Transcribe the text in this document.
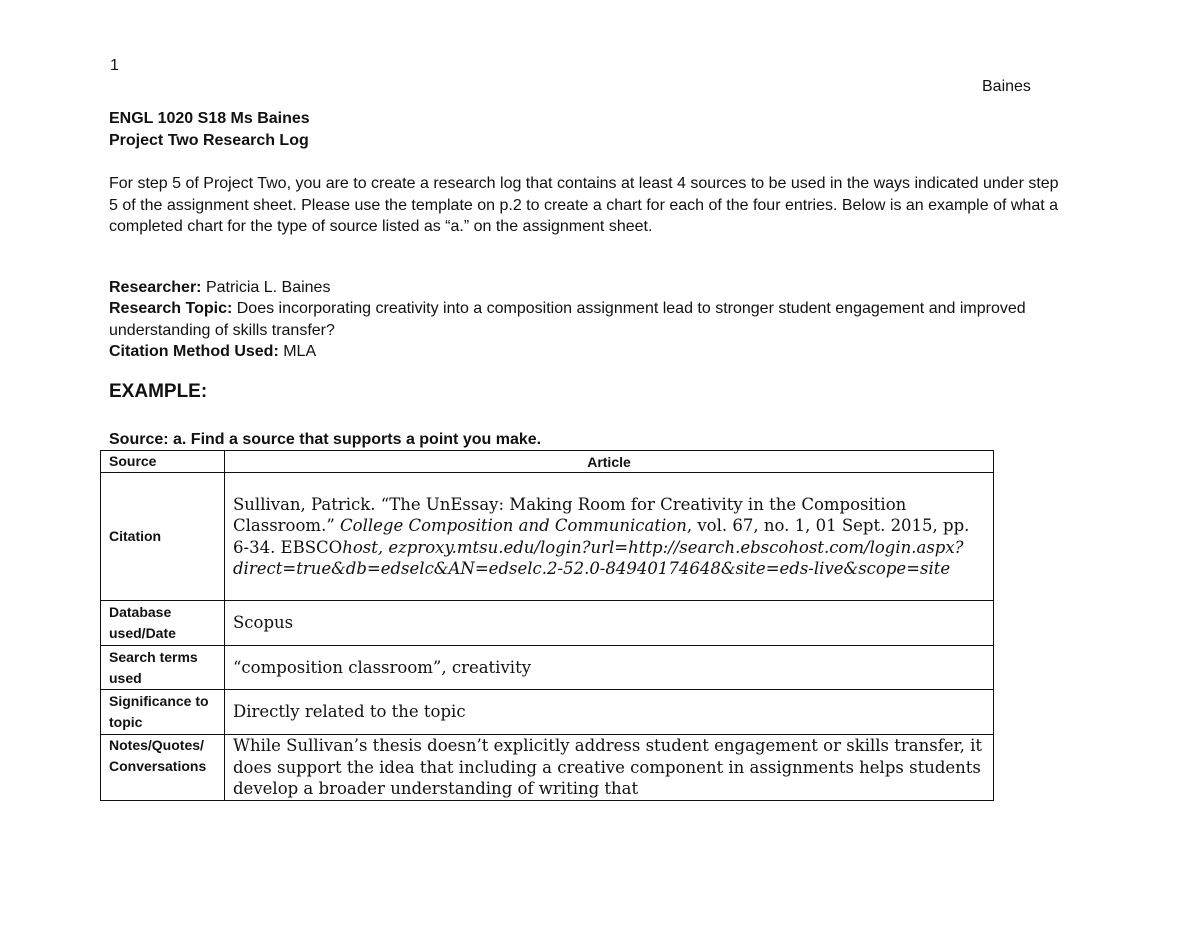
1
Baines
ENGL 1020 S18 Ms Baines
Project Two Research Log
For step 5 of Project Two, you are to create a research log that contains at least 4 sources to be used in the ways indicated under step 5 of the assignment sheet. Please use the template on p.2 to create a chart for each of the four entries. Below is an example of what a completed chart for the type of source listed as “a.” on the assignment sheet.
Researcher: Patricia L. Baines
Research Topic: Does incorporating creativity into a composition assignment lead to stronger student engagement and improved understanding of skills transfer?
Citation Method Used: MLA
EXAMPLE:
Source: a. Find a source that supports a point you make.
Source	Article
Citation	Sullivan, Patrick. “The UnEssay: Making Room for Creativity in the Composition Classroom.” College Composition and Communication, vol. 67, no. 1, 01 Sept. 2015, pp. 6-34. EBSCOhost, ezproxy.mtsu.edu/login?url=http://search.ebscohost.com/login.aspx?direct=true&db=edselc&AN=edselc.2-52.0-84940174648&site=eds-live&scope=site
Database used/Date	Scopus
Search terms used	“composition classroom”, creativity
Significance to topic	Directly related to the topic
Notes/Quotes/ Conversations	While Sullivan’s thesis doesn’t explicitly address student engagement or skills transfer, it does support the idea that including a creative component in assignments helps students develop a broader understanding of writing that
